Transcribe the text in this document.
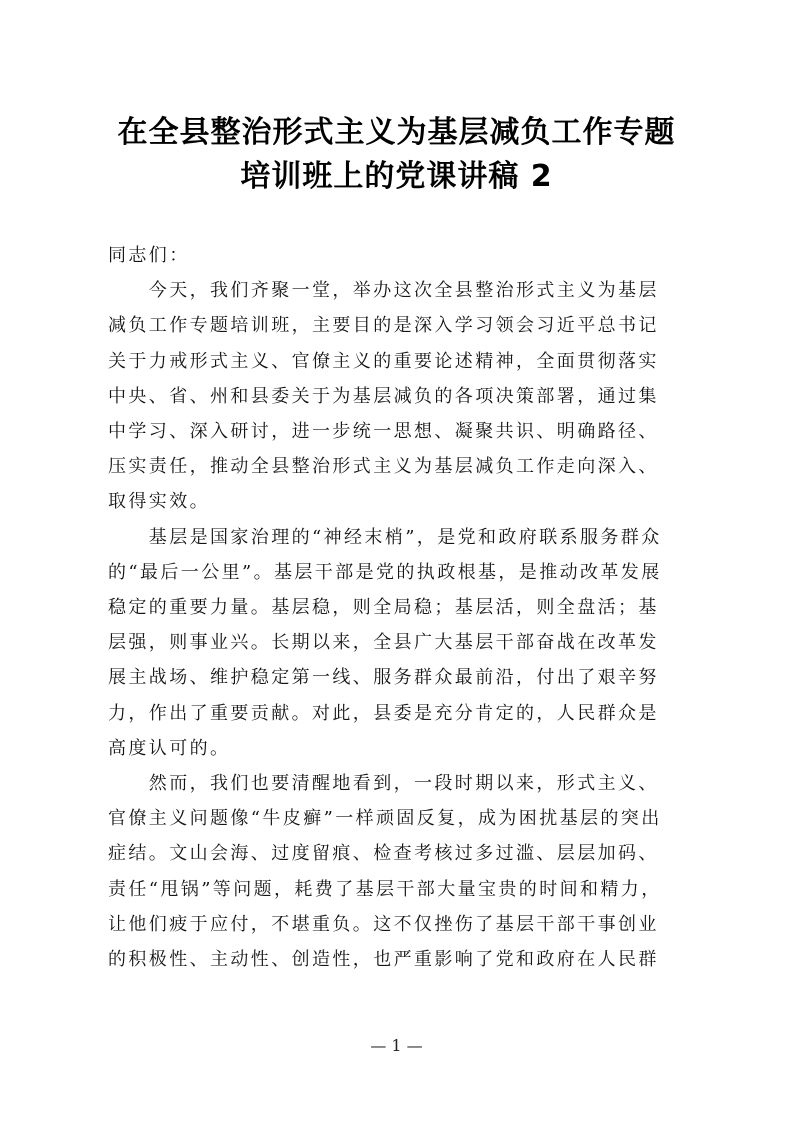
在全县整治形式主义为基层减负工作专题
培训班上的党课讲稿 2
同志们：
　　今天，我们齐聚一堂，举办这次全县整治形式主义为基层
减负工作专题培训班，主要目的是深入学习领会习近平总书记
关于力戒形式主义、官僚主义的重要论述精神，全面贯彻落实
中央、省、州和县委关于为基层减负的各项决策部署，通过集
中学习、深入研讨，进一步统一思想、凝聚共识、明确路径、
压实责任，推动全县整治形式主义为基层减负工作走向深入、
取得实效。
　　基层是国家治理的“神经末梢”，是党和政府联系服务群众
的“最后一公里”。基层干部是党的执政根基，是推动改革发展
稳定的重要力量。基层稳，则全局稳；基层活，则全盘活；基
层强，则事业兴。长期以来，全县广大基层干部奋战在改革发
展主战场、维护稳定第一线、服务群众最前沿，付出了艰辛努
力，作出了重要贡献。对此，县委是充分肯定的，人民群众是
高度认可的。
　　然而，我们也要清醒地看到，一段时期以来，形式主义、
官僚主义问题像“牛皮癣”一样顽固反复，成为困扰基层的突出
症结。文山会海、过度留痕、检查考核过多过滥、层层加码、
责任“甩锅”等问题，耗费了基层干部大量宝贵的时间和精力，
让他们疲于应付，不堪重负。这不仅挫伤了基层干部干事创业
的积极性、主动性、创造性，也严重影响了党和政府在人民群
— 1 —
